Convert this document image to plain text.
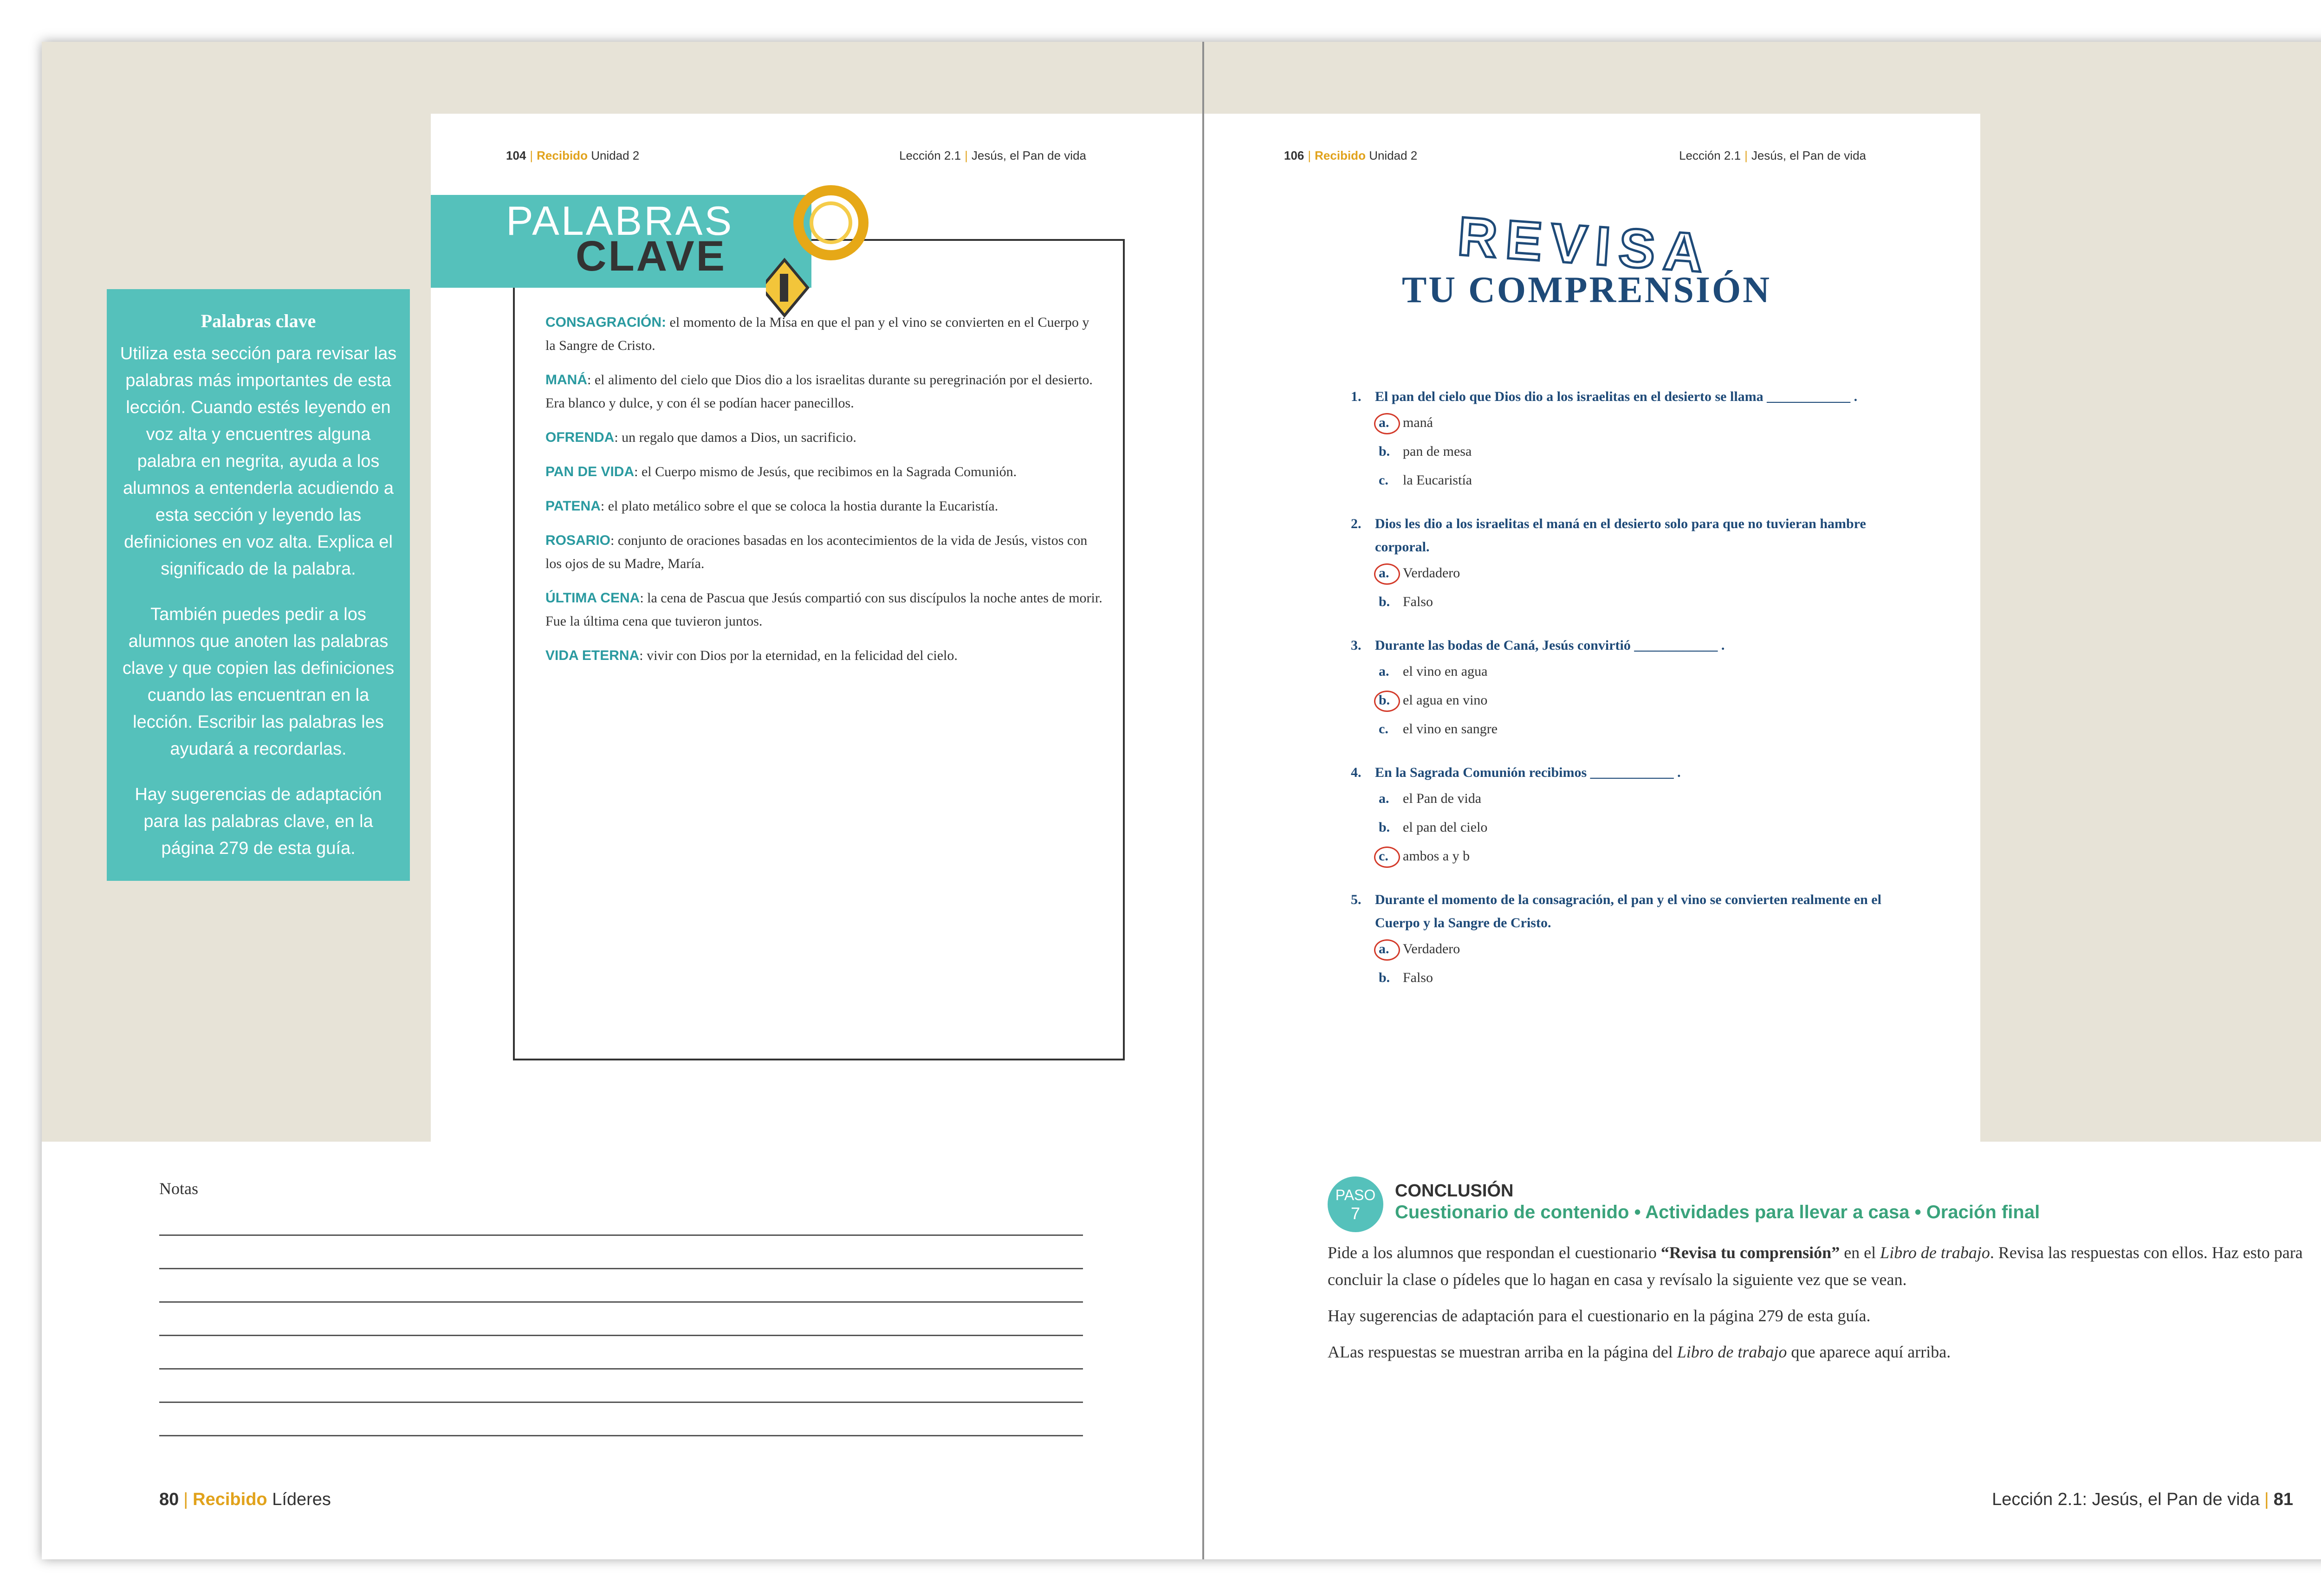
104 | Recibido Unidad 2	Lección 2.1 | Jesús, el Pan de vida
PALABRAS
CLAVE
CONSAGRACIÓN: el momento de la Misa en que el pan y el vino se convierten en el Cuerpo y la Sangre de Cristo.
MANÁ: el alimento del cielo que Dios dio a los israelitas durante su peregrinación por el desierto. Era blanco y dulce, y con él se podían hacer panecillos.
OFRENDA: un regalo que damos a Dios, un sacrificio.
PAN DE VIDA: el Cuerpo mismo de Jesús, que recibimos en la Sagrada Comunión.
PATENA: el plato metálico sobre el que se coloca la hostia durante la Eucaristía.
ROSARIO: conjunto de oraciones basadas en los acontecimientos de la vida de Jesús, vistos con los ojos de su Madre, María.
ÚLTIMA CENA: la cena de Pascua que Jesús compartió con sus discípulos la noche antes de morir. Fue la última cena que tuvieron juntos.
VIDA ETERNA: vivir con Dios por la eternidad, en la felicidad del cielo.
Palabras clave

Utiliza esta sección para revisar las palabras más importantes de esta lección. Cuando estés leyendo en voz alta y encuentres alguna palabra en negrita, ayuda a los alumnos a entenderla acudiendo a esta sección y leyendo las definiciones en voz alta. Explica el significado de la palabra.

También puedes pedir a los alumnos que anoten las palabras clave y que copien las definiciones cuando las encuentran en la lección. Escribir las palabras les ayudará a recordarlas.

Hay sugerencias de adaptación para las palabras clave, en la página 279 de esta guía.

106 | Recibido Unidad 2	Lección 2.1 | Jesús, el Pan de vida
REVISA
TU COMPRENSIÓN
1. El pan del cielo que Dios dio a los israelitas en el desierto se llama ____________ .
a. maná
b. pan de mesa
c. la Eucaristía
2. Dios les dio a los israelitas el maná en el desierto solo para que no tuvieran hambre corporal.
a. Verdadero
b. Falso
3. Durante las bodas de Caná, Jesús convirtió ____________ .
a. el vino en agua
b. el agua en vino
c. el vino en sangre
4. En la Sagrada Comunión recibimos ____________ .
a. el Pan de vida
b. el pan del cielo
c. ambos a y b
5. Durante el momento de la consagración, el pan y el vino se convierten realmente en el Cuerpo y la Sangre de Cristo.
a. Verdadero
b. Falso
Notas	PASO
7
CONCLUSIÓN
Cuestionario de contenido • Actividades para llevar a casa • Oración final

Pide a los alumnos que respondan el cuestionario “Revisa tu comprensión” en el Libro de trabajo. Revisa las respuestas con ellos. Haz esto para concluir la clase o pídeles que lo hagan en casa y revísalo la siguiente vez que se vean.

Hay sugerencias de adaptación para el cuestionario en la página 279 de esta guía.

ALas respuestas se muestran arriba en la página del Libro de trabajo que aparece aquí arriba.

80 | Recibido Líderes	Lección 2.1: Jesús, el Pan de vida | 81
